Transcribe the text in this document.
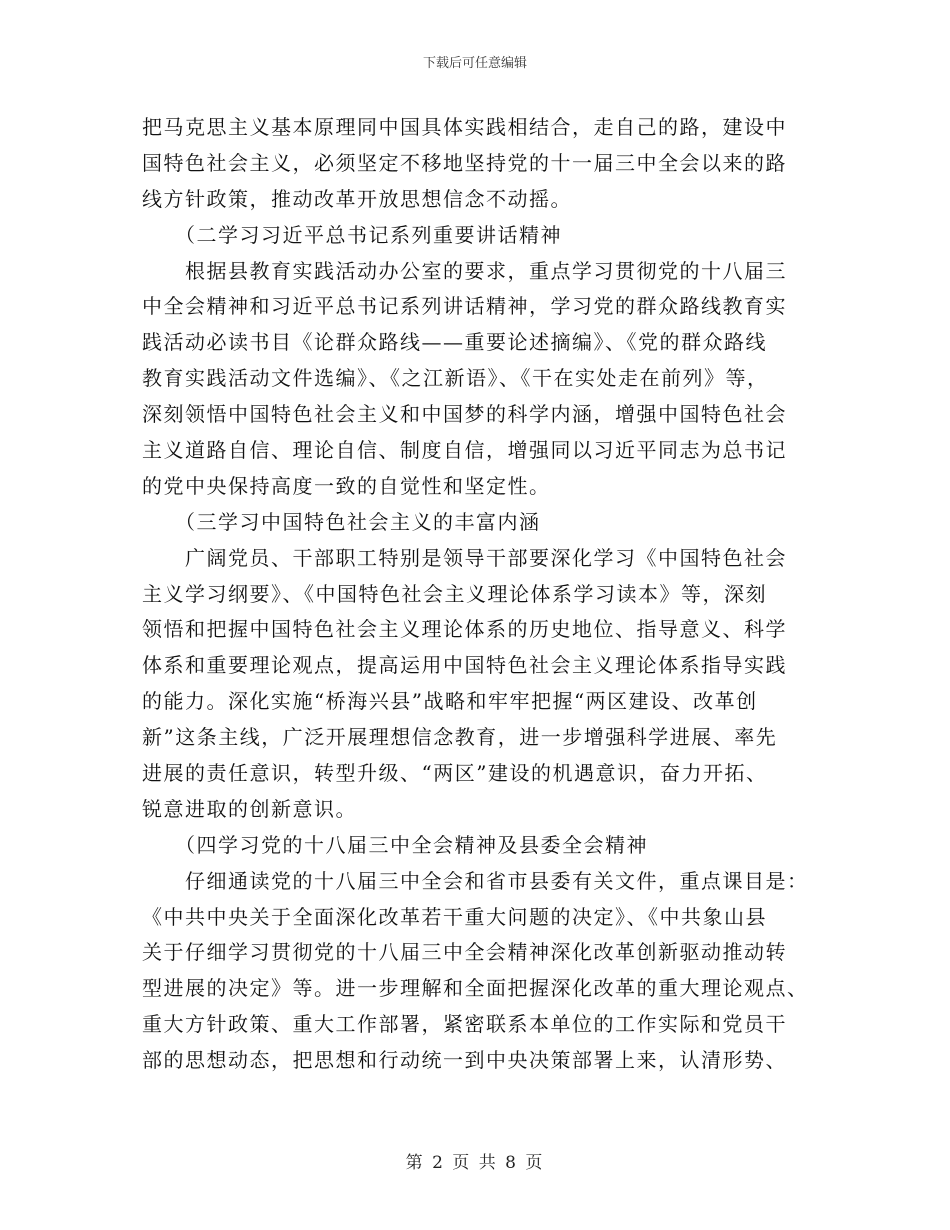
下载后可任意编辑
把马克思主义基本原理同中国具体实践相结合，走自己的路，建设中
国特色社会主义，必须坚定不移地坚持党的十一届三中全会以来的路
线方针政策，推动改革开放思想信念不动摇。
　　（二学习习近平总书记系列重要讲话精神
　　根据县教育实践活动办公室的要求，重点学习贯彻党的十八届三
中全会精神和习近平总书记系列讲话精神，学习党的群众路线教育实
践活动必读书目《论群众路线——重要论述摘编》、《党的群众路线
教育实践活动文件选编》、《之江新语》、《干在实处走在前列》等，
深刻领悟中国特色社会主义和中国梦的科学内涵，增强中国特色社会
主义道路自信、理论自信、制度自信，增强同以习近平同志为总书记
的党中央保持高度一致的自觉性和坚定性。
　　（三学习中国特色社会主义的丰富内涵
　　广阔党员、干部职工特别是领导干部要深化学习《中国特色社会
主义学习纲要》、《中国特色社会主义理论体系学习读本》等，深刻
领悟和把握中国特色社会主义理论体系的历史地位、指导意义、科学
体系和重要理论观点，提高运用中国特色社会主义理论体系指导实践
的能力。深化实施“桥海兴县”战略和牢牢把握“两区建设、改革创
新”这条主线，广泛开展理想信念教育，进一步增强科学进展、率先
进展的责任意识，转型升级、“两区”建设的机遇意识，奋力开拓、
锐意进取的创新意识。
　　（四学习党的十八届三中全会精神及县委全会精神
　　仔细通读党的十八届三中全会和省市县委有关文件，重点课目是：
《中共中央关于全面深化改革若干重大问题的决定》、《中共象山县
关于仔细学习贯彻党的十八届三中全会精神深化改革创新驱动推动转
型进展的决定》等。进一步理解和全面把握深化改革的重大理论观点、
重大方针政策、重大工作部署，紧密联系本单位的工作实际和党员干
部的思想动态，把思想和行动统一到中央决策部署上来，认清形势、
第 2 页 共 8 页
